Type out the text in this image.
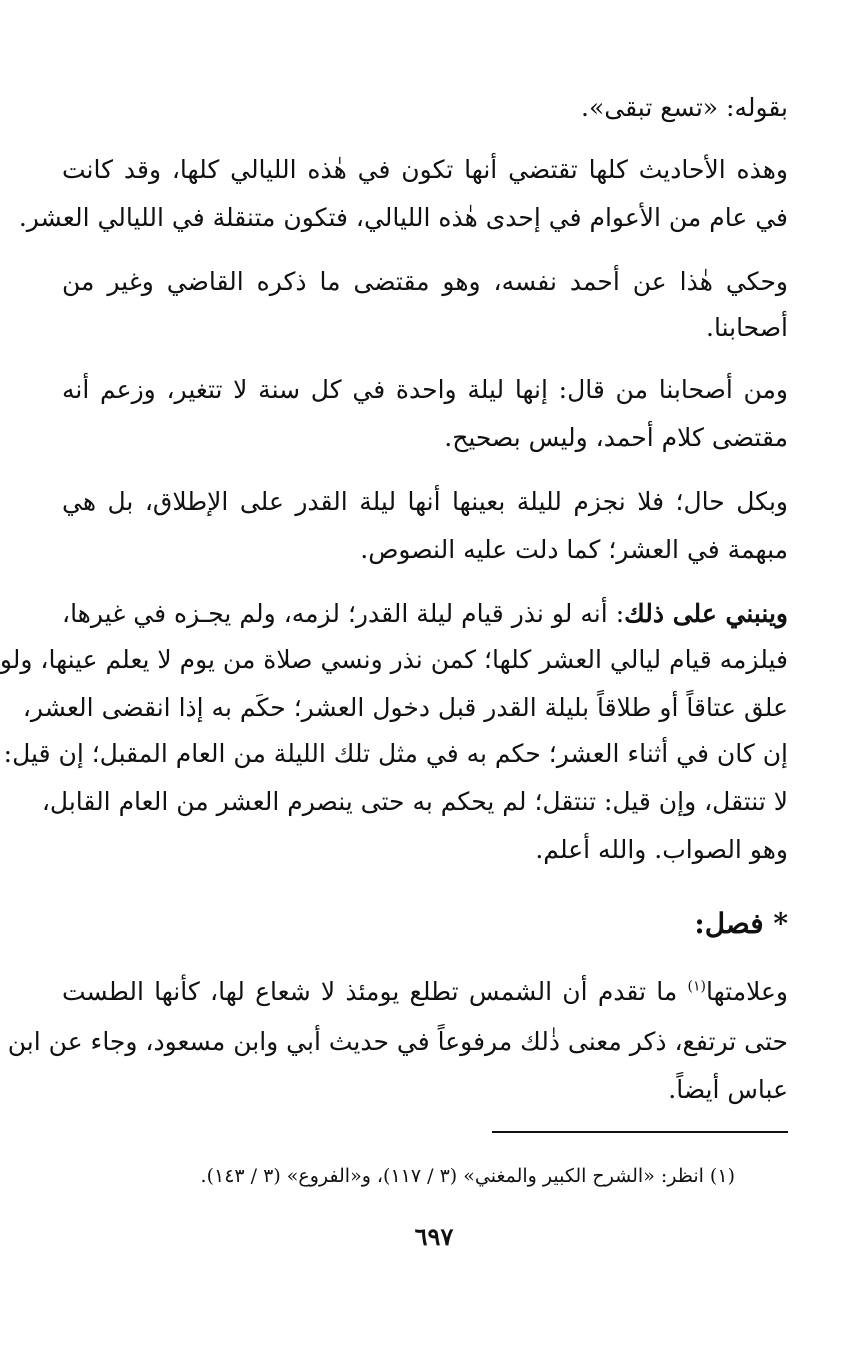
بقوله: «تسع تبقى».
وهذه الأحاديث كلها تقتضي أنها تكون في هٰذه الليالي كلها، وقد كانت
في عام من الأعوام في إحدى هٰذه الليالي، فتكون متنقلة في الليالي العشر.
وحكي هٰذا عن أحمد نفسه، وهو مقتضى ما ذكره القاضي وغير من
أصحابنا.
ومن أصحابنا من قال: إنها ليلة واحدة في كل سنة لا تتغير، وزعم أنه
مقتضى كلام أحمد، وليس بصحيح.
وبكل حال؛ فلا نجزم لليلة بعينها أنها ليلة القدر على الإطلاق، بل هي
مبهمة في العشر؛ كما دلت عليه النصوص.
وينبني على ذلك: أنه لو نذر قيام ليلة القدر؛ لزمه، ولم يجـزه في غيرها،
فيلزمه قيام ليالي العشر كلها؛ كمن نذر ونسي صلاة من يوم لا يعلم عينها، ولو
علق عتاقاً أو طلاقاً بليلة القدر قبل دخول العشر؛ حكَم به إذا انقضى العشر،
إن كان في أثناء العشر؛ حكم به في مثل تلك الليلة من العام المقبل؛ إن قيل:
لا تنتقل، وإن قيل: تنتقل؛ لم يحكم به حتى ينصرم العشر من العام القابل،
وهو الصواب. والله أعلم.
* فصل:
وعلامتها$^{(١)}$ ما تقدم أن الشمس تطلع يومئذ لا شعاع لها، كأنها الطست
حتى ترتفع، ذكر معنى ذٰلك مرفوعاً في حديث أبي وابن مسعود، وجاء عن ابن
عباس أيضاً.
(١) انظر: «الشرح الكبير والمغني» (٣ / ١١٧)، و«الفروع» (٣ / ١٤٣).
٦٩٧
